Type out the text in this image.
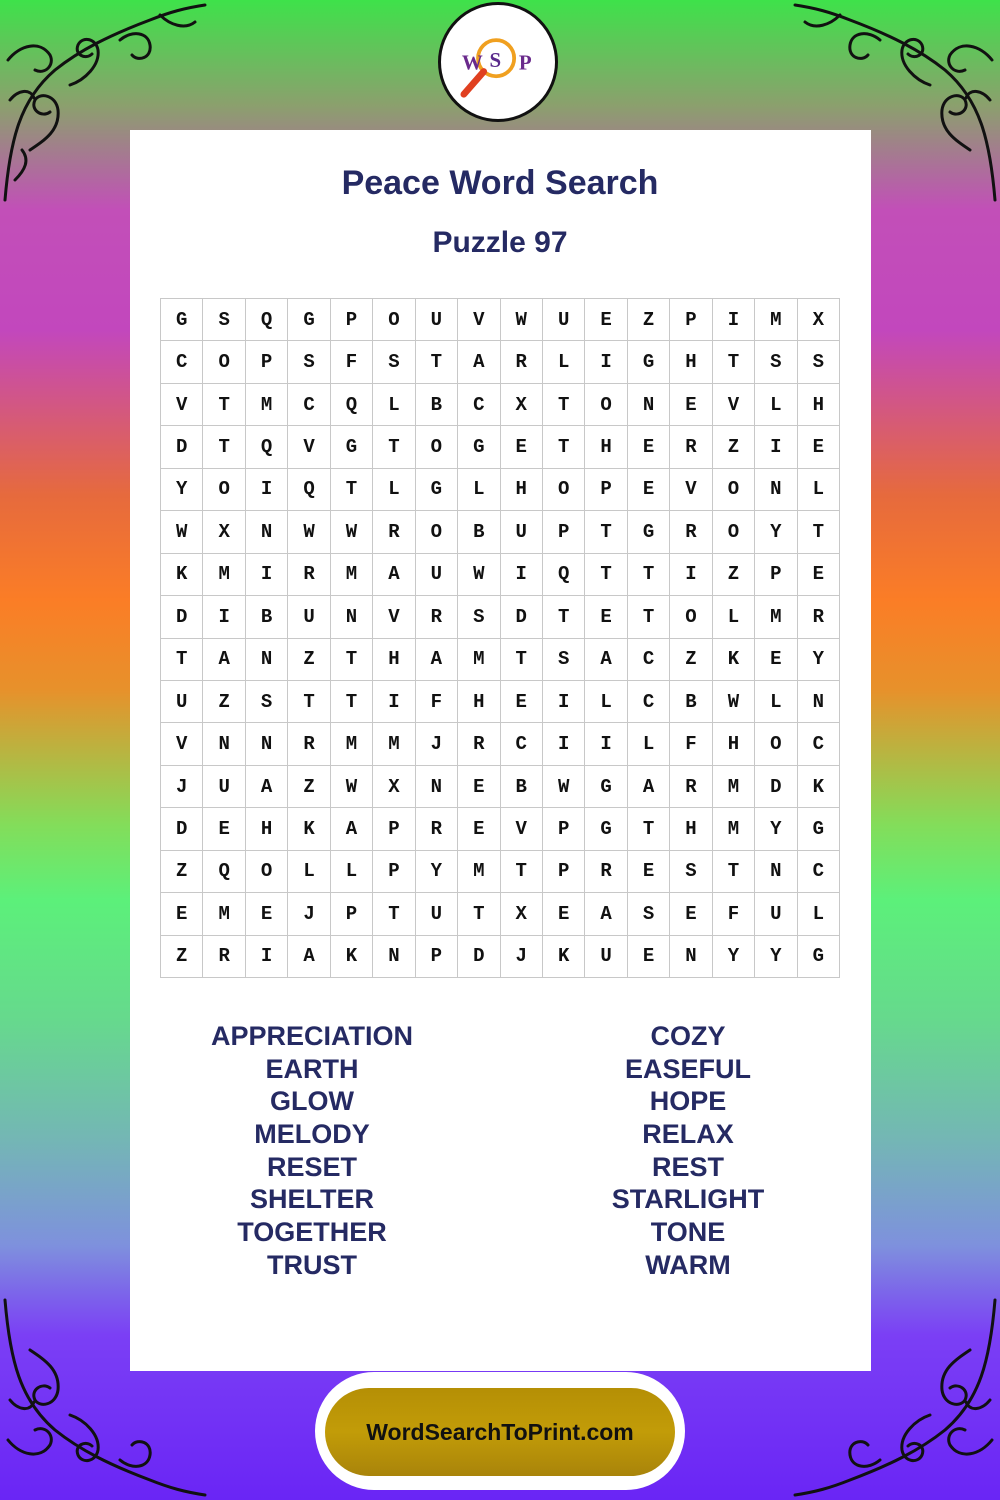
W S P
Peace Word Search
Puzzle 97
G	S	Q	G	P	O	U	V	W	U	E	Z	P	I	M	X
C	O	P	S	F	S	T	A	R	L	I	G	H	T	S	S
V	T	M	C	Q	L	B	C	X	T	O	N	E	V	L	H
D	T	Q	V	G	T	O	G	E	T	H	E	R	Z	I	E
Y	O	I	Q	T	L	G	L	H	O	P	E	V	O	N	L
W	X	N	W	W	R	O	B	U	P	T	G	R	O	Y	T
K	M	I	R	M	A	U	W	I	Q	T	T	I	Z	P	E
D	I	B	U	N	V	R	S	D	T	E	T	O	L	M	R
T	A	N	Z	T	H	A	M	T	S	A	C	Z	K	E	Y
U	Z	S	T	T	I	F	H	E	I	L	C	B	W	L	N
V	N	N	R	M	M	J	R	C	I	I	L	F	H	O	C
J	U	A	Z	W	X	N	E	B	W	G	A	R	M	D	K
D	E	H	K	A	P	R	E	V	P	G	T	H	M	Y	G
Z	Q	O	L	L	P	Y	M	T	P	R	E	S	T	N	C
E	M	E	J	P	T	U	T	X	E	A	S	E	F	U	L
Z	R	I	A	K	N	P	D	J	K	U	E	N	Y	Y	G
APPRECIATION
EARTH
GLOW
MELODY
RESET
SHELTER
TOGETHER
TRUST
COZY
EASEFUL
HOPE
RELAX
REST
STARLIGHT
TONE
WARM
WordSearchToPrint.com
